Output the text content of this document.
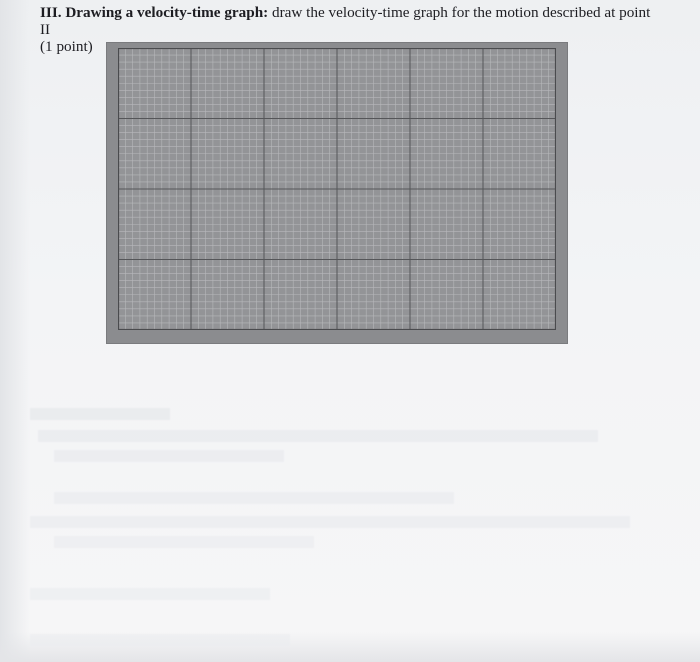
III. Drawing a velocity-time graph: draw the velocity-time graph for the motion described at point II
(1 point)
